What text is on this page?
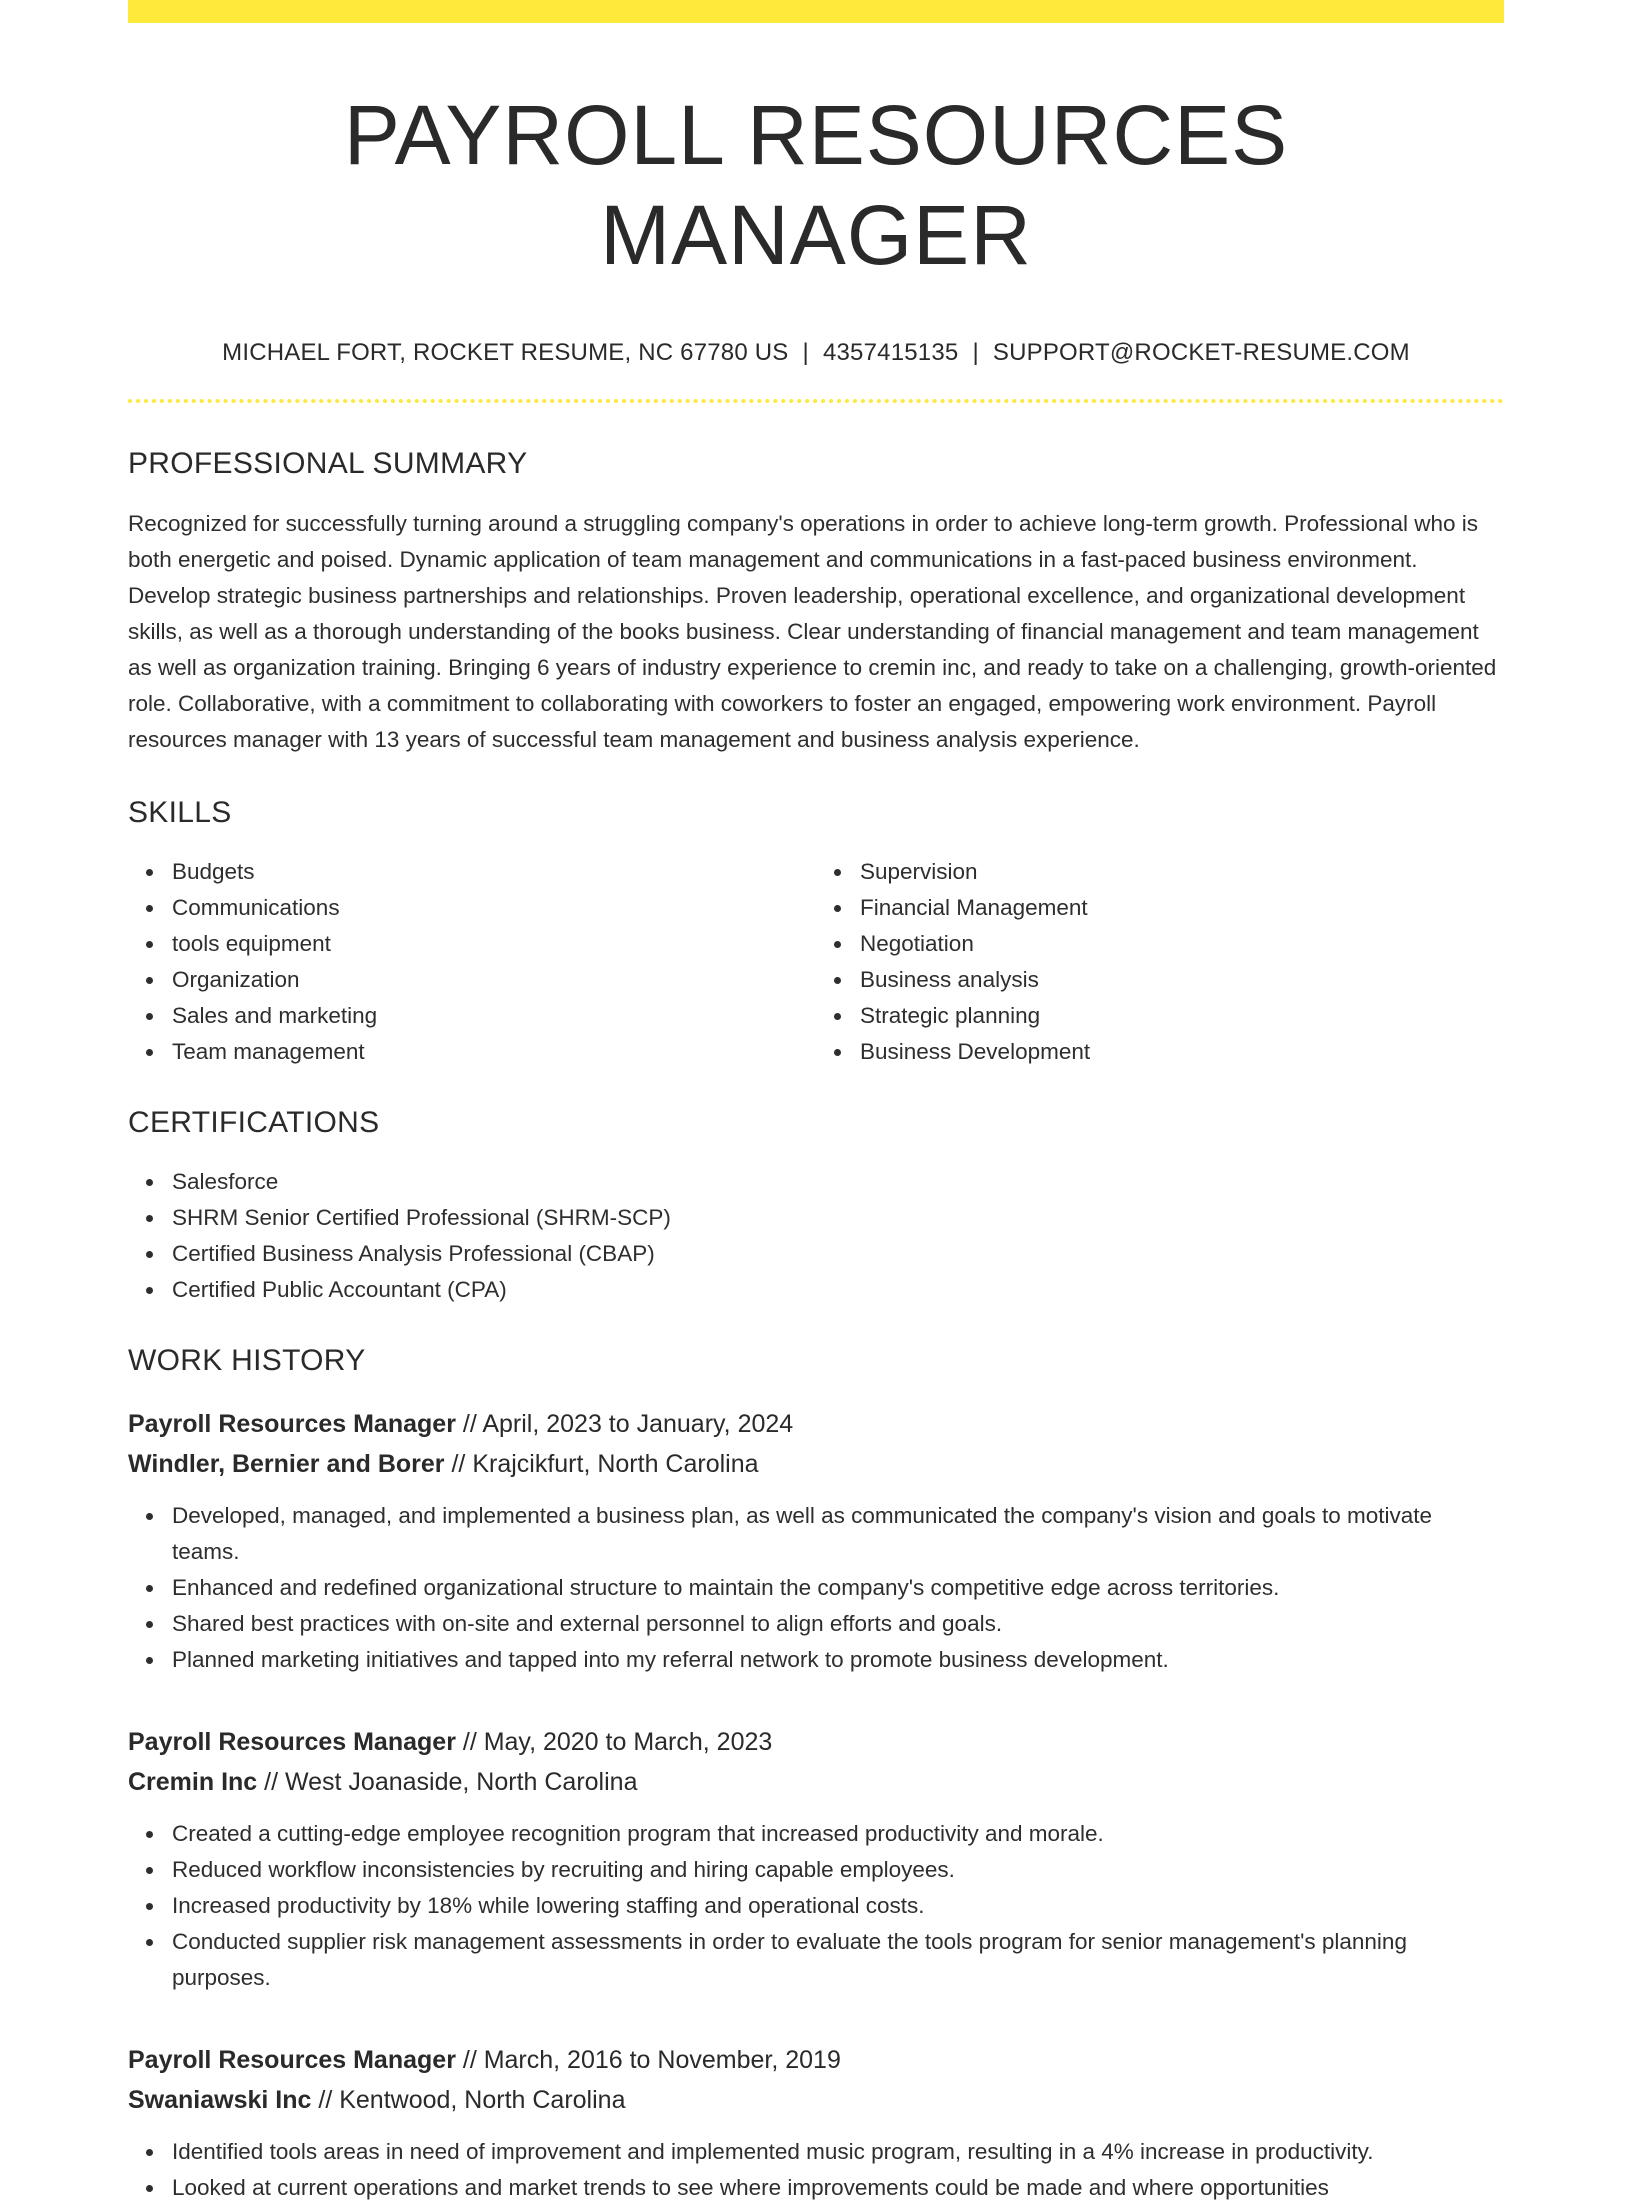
PAYROLL RESOURCES MANAGER
MICHAEL FORT, ROCKET RESUME, NC 67780 US | 4357415135 | SUPPORT@ROCKET-RESUME.COM
PROFESSIONAL SUMMARY

Recognized for successfully turning around a struggling company's operations in order to achieve long-term growth. Professional who is both energetic and poised. Dynamic application of team management and communications in a fast-paced business environment. Develop strategic business partnerships and relationships. Proven leadership, operational excellence, and organizational development skills, as well as a thorough understanding of the books business. Clear understanding of financial management and team management as well as organization training. Bringing 6 years of industry experience to cremin inc, and ready to take on a challenging, growth-oriented role. Collaborative, with a commitment to collaborating with coworkers to foster an engaged, empowering work environment. Payroll resources manager with 13 years of successful team management and business analysis experience.

SKILLS
Budgets
Communications
tools equipment
Organization
Sales and marketing
Team management
Supervision
Financial Management
Negotiation
Business analysis
Strategic planning
Business Development
CERTIFICATIONS
Salesforce
SHRM Senior Certified Professional (SHRM-SCP)
Certified Business Analysis Professional (CBAP)
Certified Public Accountant (CPA)
WORK HISTORY
Payroll Resources Manager // April, 2023 to January, 2024
Windler, Bernier and Borer // Krajcikfurt, North Carolina
Developed, managed, and implemented a business plan, as well as communicated the company's vision and goals to motivate teams.
Enhanced and redefined organizational structure to maintain the company's competitive edge across territories.
Shared best practices with on-site and external personnel to align efforts and goals.
Planned marketing initiatives and tapped into my referral network to promote business development.
Payroll Resources Manager // May, 2020 to March, 2023
Cremin Inc // West Joanaside, North Carolina
Created a cutting-edge employee recognition program that increased productivity and morale.
Reduced workflow inconsistencies by recruiting and hiring capable employees.
Increased productivity by 18% while lowering staffing and operational costs.
Conducted supplier risk management assessments in order to evaluate the tools program for senior management's planning purposes.
Payroll Resources Manager // March, 2016 to November, 2019
Swaniawski Inc // Kentwood, North Carolina
Identified tools areas in need of improvement and implemented music program, resulting in a 4% increase in productivity.
Looked at current operations and market trends to see where improvements could be made and where opportunities
